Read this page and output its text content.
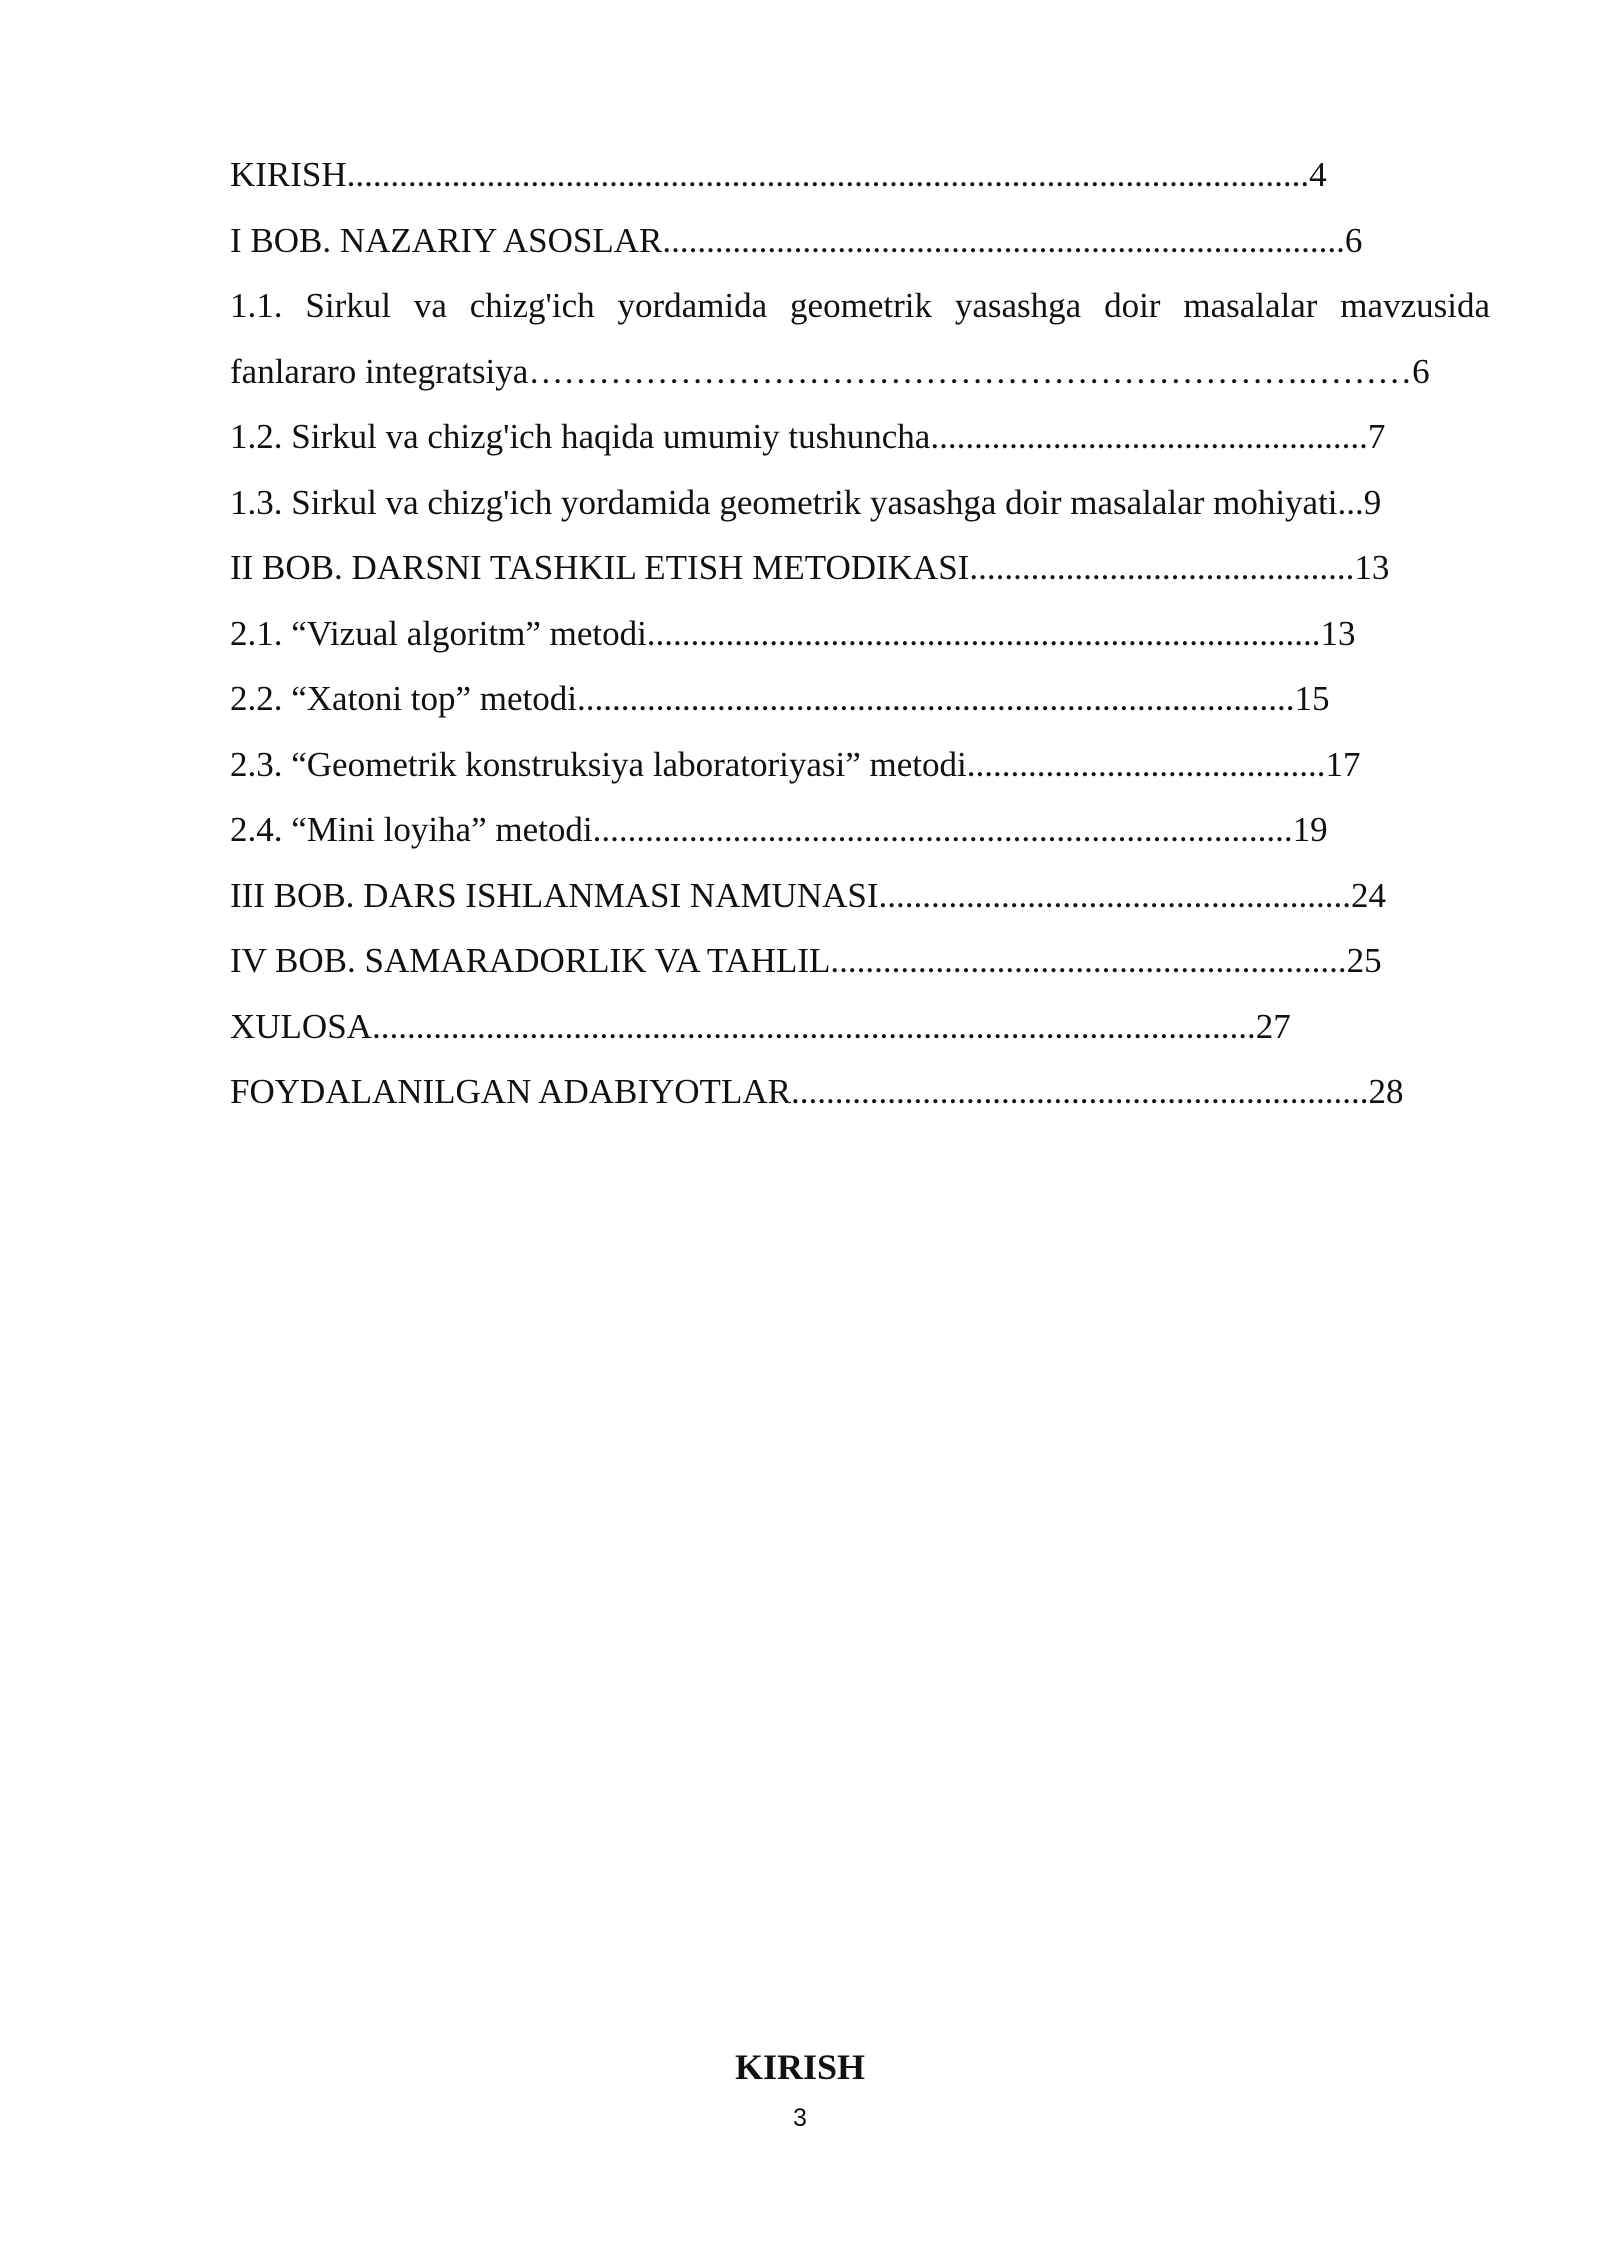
KIRISH..............................................................................................................4
I BOB. NAZARIY ASOSLAR..............................................................................6
1.1. Sirkul va chizg'ich yordamida geometrik yasashga doir masalalar mavzusida
fanlararo integratsiya………………………………………………………….………6
1.2. Sirkul va chizg'ich haqida umumiy tushuncha..................................................7
1.3. Sirkul va chizg'ich yordamida geometrik yasashga doir masalalar mohiyati...9
II BOB. DARSNI TASHKIL ETISH METODIKASI............................................13
2.1. “Vizual algoritm” metodi.............................................................................13
2.2. “Xatoni top” metodi..................................................................................15
2.3. “Geometrik konstruksiya laboratoriyasi” metodi.........................................17
2.4. “Mini loyiha” metodi................................................................................19
III BOB. DARS ISHLANMASI NAMUNASI......................................................24
IV BOB. SAMARADORLIK VA TAHLIL...........................................................25
XULOSA.....................................................................................................27
FOYDALANILGAN ADABIYOTLAR..................................................................28
KIRISH
3
